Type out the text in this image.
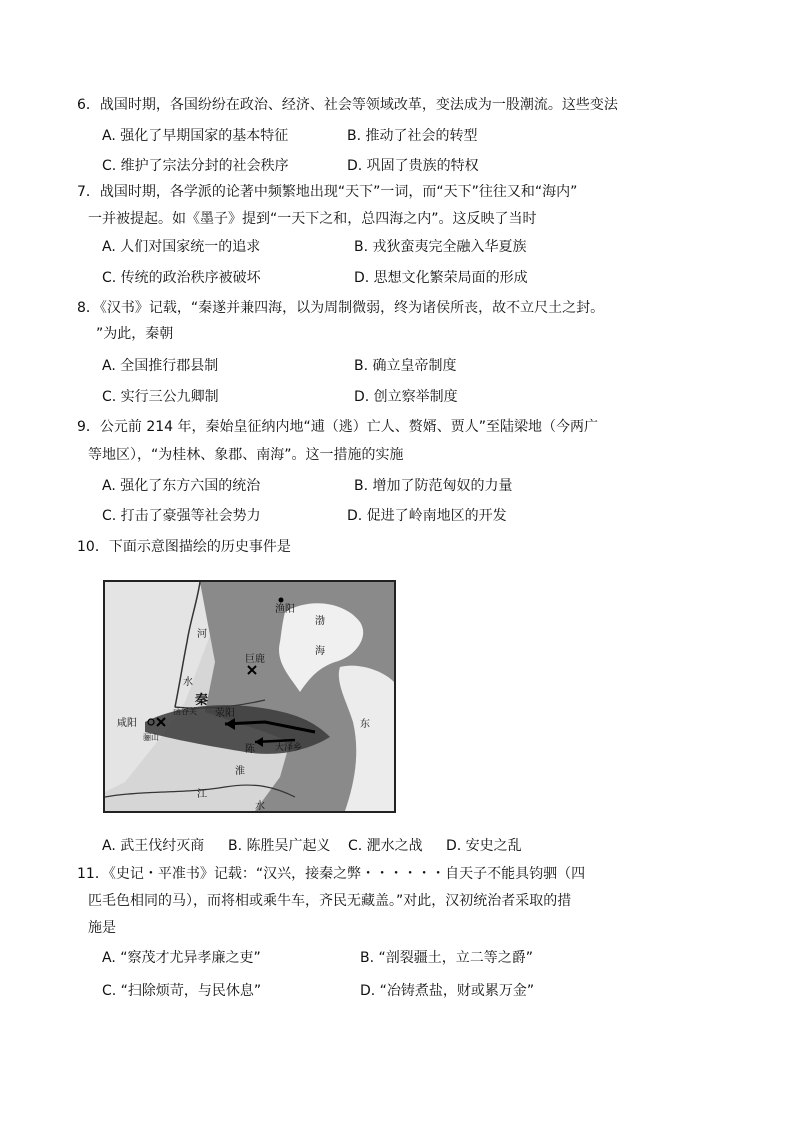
6．战国时期，各国纷纷在政治、经济、社会等领域改革，变法成为一股潮流。这些变法
A. 强化了早期国家的基本特征	B. 推动了社会的转型
C. 维护了宗法分封的社会秩序	D. 巩固了贵族的特权
7．战国时期，各学派的论著中频繁地出现“天下”一词，而“天下”往往又和“海内”
一并被提起。如《墨子》提到“一天下之和，总四海之内”。这反映了当时
A. 人们对国家统一的追求	B. 戎狄蛮夷完全融入华夏族
C. 传统的政治秩序被破坏	D. 思想文化繁荣局面的形成
8．《汉书》记载，“秦遂并兼四海，以为周制微弱，终为诸侯所丧，故不立尺土之封。
”为此，秦朝
A. 全国推行郡县制	B. 确立皇帝制度
C. 实行三公九卿制	D. 创立察举制度
9．公元前 214 年，秦始皇征纳内地“逋（逃）亡人、赘婿、贾人”至陆梁地（今两广
等地区），“为桂林、象郡、南海”。这一措施的实施
A. 强化了东方六国的统治	B. 增加了防范匈奴的力量
C. 打击了豪强等社会势力	D. 促进了岭南地区的开发
10．下面示意图描绘的历史事件是
渔阳
河
水
渤
海
巨鹿
秦
荥阳
函谷关
咸阳
骊山
陈 大泽乡
淮
东
江
水
A. 武王伐纣灭商 B. 陈胜吴广起义 C. 淝水之战 D. 安史之乱
11．《史记・平准书》记载：“汉兴，接秦之弊・・・・・・自天子不能具钧驷（四
匹毛色相同的马），而将相或乘牛车，齐民无藏盖。”对此，汉初统治者采取的措
施是
A. “察茂才尤异孝廉之吏”	B. “剖裂疆土，立二等之爵”
C. “扫除烦苛，与民休息”	D. “冶铸煮盐，财或累万金”
